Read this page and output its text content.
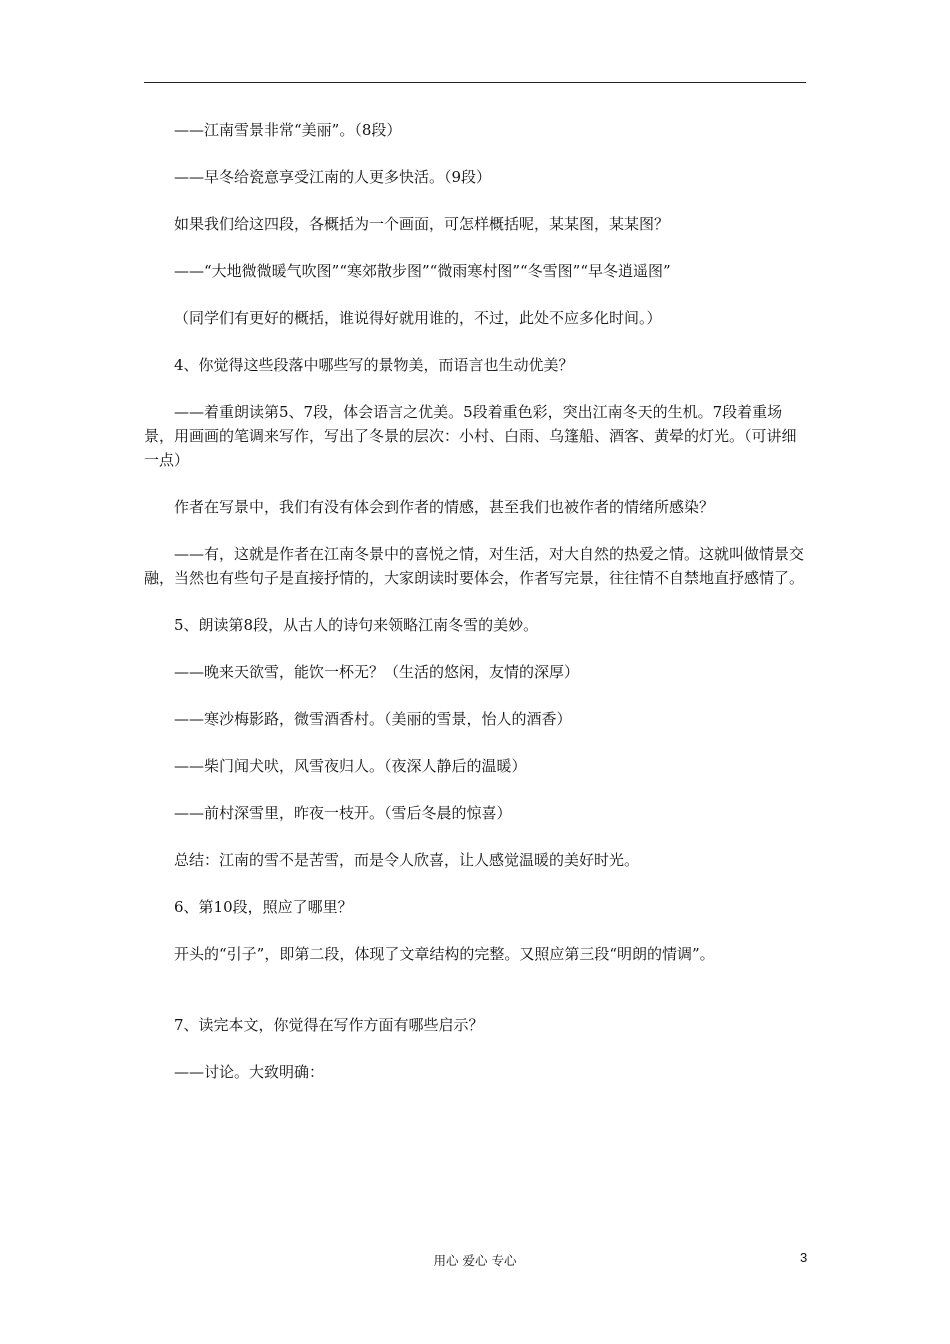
——江南雪景非常“美丽”。（8段）

——早冬给瓷意享受江南的人更多快活。（9段）

如果我们给这四段，各概括为一个画面，可怎样概括呢，某某图，某某图？

——“大地微微暖气吹图”“寒郊散步图”“微雨寒村图”“冬雪图”“早冬逍遥图”

（同学们有更好的概括，谁说得好就用谁的，不过，此处不应多化时间。）

4、你觉得这些段落中哪些写的景物美，而语言也生动优美？

——着重朗读第5、7段，体会语言之优美。5段着重色彩，突出江南冬天的生机。7段着重场景，用画画的笔调来写作，写出了冬景的层次：小村、白雨、乌篷船、酒客、黄晕的灯光。（可讲细一点）

作者在写景中，我们有没有体会到作者的情感，甚至我们也被作者的情绪所感染？

——有，这就是作者在江南冬景中的喜悦之情，对生活，对大自然的热爱之情。这就叫做情景交融，当然也有些句子是直接抒情的，大家朗读时要体会，作者写完景，往往情不自禁地直抒感情了。

5、朗读第8段，从古人的诗句来领略江南冬雪的美妙。

——晚来天欲雪，能饮一杯无？（生活的悠闲，友情的深厚）

——寒沙梅影路，微雪酒香村。（美丽的雪景，怡人的酒香）

——柴门闻犬吠，风雪夜归人。（夜深人静后的温暖）

——前村深雪里，昨夜一枝开。（雪后冬晨的惊喜）

总结：江南的雪不是苦雪，而是令人欣喜，让人感觉温暖的美好时光。

6、第10段，照应了哪里？

开头的“引子”，即第二段，体现了文章结构的完整。又照应第三段“明朗的情调”。

7、读完本文，你觉得在写作方面有哪些启示？

——讨论。大致明确：

用心 爱心 专心	3
